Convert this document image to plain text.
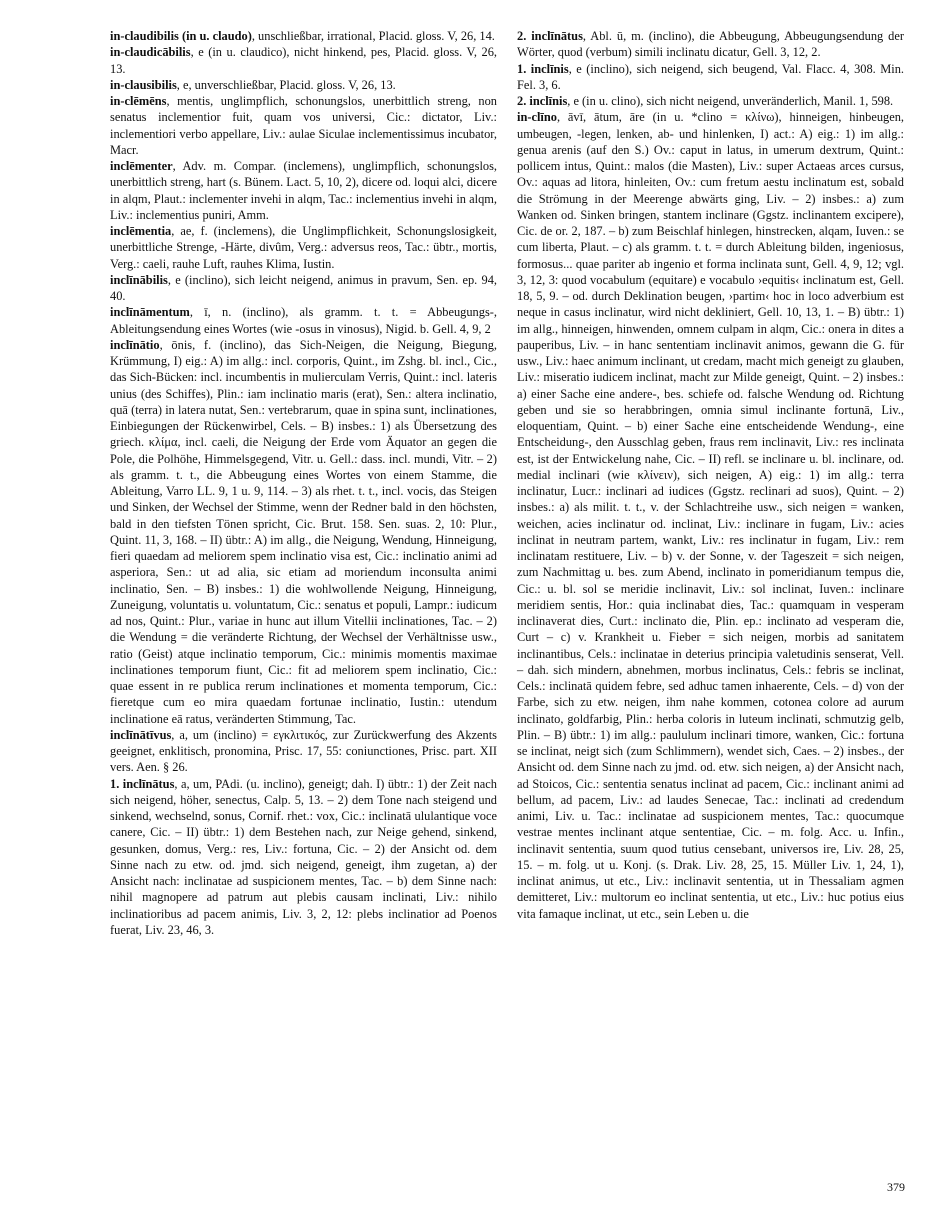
in-claudibilis (in u. claudo), unschließbar, irrational, Placid. gloss. V, 26, 14.

in-claudicābilis, e (in u. claudico), nicht hinkend, pes, Placid. gloss. V, 26, 13.

in-clausibilis, e, unverschließbar, Placid. gloss. V, 26, 13.

in-clēmēns, mentis, unglimpflich, schonungslos, unerbittlich streng, non senatus inclementior fuit, quam vos universi, Cic.: dictator, Liv.: inclementiori verbo appellare, Liv.: aulae Siculae inclementissimus incubator, Macr.

inclēmenter, Adv. m. Compar. (inclemens), unglimpflich, schonungslos, unerbittlich streng, hart (s. Bünem. Lact. 5, 10, 2), dicere od. loqui alci, dicere in alqm, Plaut.: inclementer invehi in alqm, Tac.: inclementius invehi in alqm, Liv.: inclementius puniri, Amm.

inclēmentia, ae, f. (inclemens), die Unglimpflichkeit, Schonungslosigkeit, unerbittliche Strenge, -Härte, divûm, Verg.: adversus reos, Tac.: übtr., mortis, Verg.: caeli, rauhe Luft, rauhes Klima, Iustin.

inclīnābilis, e (inclino), sich leicht neigend, animus in pravum, Sen. ep. 94, 40.

inclīnāmentum, ī, n. (inclino), als gramm. t. t. = Abbeugungs-, Ableitungsendung eines Wortes (wie -osus in vinosus), Nigid. b. Gell. 4, 9, 2

inclīnātio, ōnis, f. (inclino), das Sich-Neigen, die Neigung, Biegung, Krümmung, I) eig.: A) im allg.: incl. corporis, Quint., im Zshg. bl. incl., Cic., das Sich-Bücken: incl. incumbentis in mulierculam Verris, Quint.: incl. lateris unius (des Schiffes), Plin.: iam inclinatio maris (erat), Sen.: altera inclinatio, quā (terra) in latera nutat, Sen.: vertebrarum, quae in spina sunt, inclinationes, Einbiegungen der Rückenwirbel, Cels. – B) insbes.: 1) als Übersetzung des griech. κλίμα, incl. caeli, die Neigung der Erde vom Äquator an gegen die Pole, die Polhöhe, Himmelsgegend, Vitr. u. Gell.: dass. incl. mundi, Vitr. – 2) als gramm. t. t., die Abbeugung eines Wortes von einem Stamme, die Ableitung, Varro LL. 9, 1 u. 9, 114. – 3) als rhet. t. t., incl. vocis, das Steigen und Sinken, der Wechsel der Stimme, wenn der Redner bald in den höchsten, bald in den tiefsten Tönen spricht, Cic. Brut. 158. Sen. suas. 2, 10: Plur., Quint. 11, 3, 168. – II) übtr.: A) im allg., die Neigung, Wendung, Hinneigung, fieri quaedam ad meliorem spem inclinatio visa est, Cic.: inclinatio animi ad asperiora, Sen.: ut ad alia, sic etiam ad moriendum inconsulta animi inclinatio, Sen. – B) insbes.: 1) die wohlwollende Neigung, Hinneigung, Zuneigung, voluntatis u. voluntatum, Cic.: senatus et populi, Lampr.: iudicum ad nos, Quint.: Plur., variae in hunc aut illum Vitellii inclinationes, Tac. – 2) die Wendung = die veränderte Richtung, der Wechsel der Verhältnisse usw., ratio (Geist) atque inclinatio temporum, Cic.: minimis momentis maximae inclinationes temporum fiunt, Cic.: fit ad meliorem spem inclinatio, Cic.: quae essent in re publica rerum inclinationes et momenta temporum, Cic.: fieretque cum eo mira quaedam fortunae inclinatio, Iustin.: utendum inclinatione eā ratus, veränderten Stimmung, Tac.

inclīnātīvus, a, um (inclino) = εγκλιτικός, zur Zurückwerfung des Akzents geeignet, enklitisch, pronomina, Prisc. 17, 55: coniunctiones, Prisc. part. XII vers. Aen. § 26.

1. inclīnātus, a, um, PAdi. (u. inclino), geneigt; dah. I) übtr.: 1) der Zeit nach sich neigend, höher, senectus, Calp. 5, 13. – 2) dem Tone nach steigend und sinkend, wechselnd, sonus, Cornif. rhet.: vox, Cic.: inclinatā ululantique voce canere, Cic. – II) übtr.: 1) dem Bestehen nach, zur Neige gehend, sinkend, gesunken, domus, Verg.: res, Liv.: fortuna, Cic. – 2) der Ansicht od. dem Sinne nach zu etw. od. jmd. sich neigend, geneigt, ihm zugetan, a) der Ansicht nach: inclinatae ad suspicionem mentes, Tac. – b) dem Sinne nach: nihil magnopere ad patrum aut plebis causam inclinati, Liv.: nihilo inclinatioribus ad pacem animis, Liv. 3, 2, 12: plebs inclinatior ad Poenos fuerat, Liv. 23, 46, 3.

2. inclīnātus, Abl. ū, m. (inclino), die Abbeugung, Abbeugungsendung der Wörter, quod (verbum) simili inclinatu dicatur, Gell. 3, 12, 2.

1. inclīnis, e (inclino), sich neigend, sich beugend, Val. Flacc. 4, 308. Min. Fel. 3, 6.

2. inclīnis, e (in u. clino), sich nicht neigend, unveränderlich, Manil. 1, 598.

in-clīno, āvī, ātum, āre (in u. *clino = κλίνω), hinneigen, hinbeugen, umbeugen, -legen, lenken, ab- und hinlenken, I) act.: A) eig.: 1) im allg.: genua arenis (auf den S.) Ov.: caput in latus, in umerum dextrum, Quint.: pollicem intus, Quint.: malos (die Masten), Liv.: super Actaeas arces cursus, Ov.: aquas ad litora, hinleiten, Ov.: cum fretum aestu inclinatum est, sobald die Strömung in der Meerenge abwärts ging, Liv. – 2) insbes.: a) zum Wanken od. Sinken bringen, stantem inclinare (Ggstz. inclinantem excipere), Cic. de or. 2, 187. – b) zum Beischlaf hinlegen, hinstrecken, alqam, Iuven.: se cum liberta, Plaut. – c) als gramm. t. t. = durch Ableitung bilden, ingeniosus, formosus... quae pariter ab ingenio et forma inclinata sunt, Gell. 4, 9, 12; vgl. 3, 12, 3: quod vocabulum (equitare) e vocabulo ›equitis‹ inclinatum est, Gell. 18, 5, 9. – od. durch Deklination beugen, ›partim‹ hoc in loco adverbium est neque in casus inclinatur, wird nicht dekliniert, Gell. 10, 13, 1. – B) übtr.: 1) im allg., hinneigen, hinwenden, omnem culpam in alqm, Cic.: onera in dites a pauperibus, Liv. – in hanc sententiam inclinavit animos, gewann die G. für usw., Liv.: haec animum inclinant, ut credam, macht mich geneigt zu glauben, Liv.: miseratio iudicem inclinat, macht zur Milde geneigt, Quint. – 2) insbes.: a) einer Sache eine andere-, bes. schiefe od. falsche Wendung od. Richtung geben und sie so herabbringen, omnia simul inclinante fortunā, Liv., eloquentiam, Quint. – b) einer Sache eine entscheidende Wendung-, eine Entscheidung-, den Ausschlag geben, fraus rem inclinavit, Liv.: res inclinata est, ist der Entwickelung nahe, Cic. – II) refl. se inclinare u. bl. inclinare, od. medial inclinari (wie κλίνειν), sich neigen, A) eig.: 1) im allg.: terra inclinatur, Lucr.: inclinari ad iudices (Ggstz. reclinari ad suos), Quint. – 2) insbes.: a) als milit. t. t., v. der Schlachtreihe usw., sich neigen = wanken, weichen, acies inclinatur od. inclinat, Liv.: inclinare in fugam, Liv.: acies inclinat in neutram partem, wankt, Liv.: res inclinatur in fugam, Liv.: rem inclinatam restituere, Liv. – b) v. der Sonne, v. der Tageszeit = sich neigen, zum Nachmittag u. bes. zum Abend, inclinato in pomeridianum tempus die, Cic.: u. bl. sol se meridie inclinavit, Liv.: sol inclinat, Iuven.: inclinare meridiem sentis, Hor.: quia inclinabat dies, Tac.: quamquam in vesperam inclinaverat dies, Curt.: inclinato die, Plin. ep.: inclinato ad vesperam die, Curt – c) v. Krankheit u. Fieber = sich neigen, morbis ad sanitatem inclinantibus, Cels.: inclinatae in deterius principia valetudinis senserat, Vell. – dah. sich mindern, abnehmen, morbus inclinatus, Cels.: febris se inclinat, Cels.: inclinatā quidem febre, sed adhuc tamen inhaerente, Cels. – d) von der Farbe, sich zu etw. neigen, ihm nahe kommen, cotonea colore ad aurum inclinato, goldfarbig, Plin.: herba coloris in luteum inclinati, schmutzig gelb, Plin. – B) übtr.: 1) im allg.: paululum inclinari timore, wanken, Cic.: fortuna se inclinat, neigt sich (zum Schlimmern), wendet sich, Caes. – 2) insbes., der Ansicht od. dem Sinne nach zu jmd. od. etw. sich neigen, a) der Ansicht nach, ad Stoicos, Cic.: sententia senatus inclinat ad pacem, Cic.: inclinant animi ad bellum, ad pacem, Liv.: ad laudes Senecae, Tac.: inclinati ad credendum animi, Liv. u. Tac.: inclinatae ad suspicionem mentes, Tac.: quocumque vestrae mentes inclinant atque sententiae, Cic. – m. folg. Acc. u. Infin., inclinavit sententia, suum quod tutius censebant, universos ire, Liv. 28, 25, 15. – m. folg. ut u. Konj. (s. Drak. Liv. 28, 25, 15. Müller Liv. 1, 24, 1), inclinat animus, ut etc., Liv.: inclinavit sententia, ut in Thessaliam agmen demitteret, Liv.: multorum eo inclinat sententia, ut etc., Liv.: huc potius eius vita famaque inclinat, ut etc., sein Leben u. die

379
